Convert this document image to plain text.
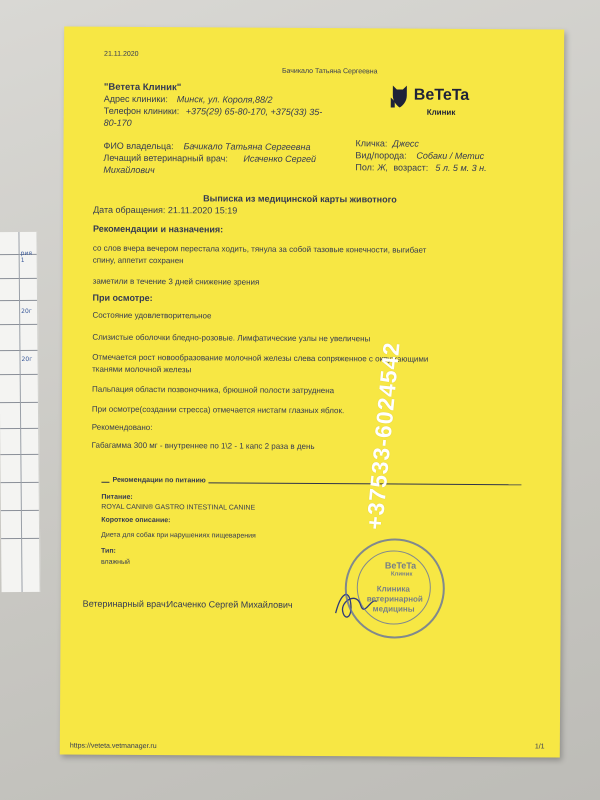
рия 1
20г
20г
21.11.2020
Бачикало Татьяна Сергеевна
"Ветета Клиник"
Адрес клиники: Минск, ул. Короля,88/2
Телефон клиники: +375(29) 65-80-170, +375(33) 35-
80-170
BeTeTa
Клиник
ФИО владельца: Бачикало Татьяна Сергеевна
Лечащий ветеринарный врач: Исаченко Сергей
Михайлович
Кличка: Джесс
Вид/порода: Собаки / Метис
Пол: Ж, возраст: 5 л. 5 м. 3 н.
Выписка из медицинской карты животного
Дата обращения: 21.11.2020 15:19
Рекомендации и назначения:
со слов вчера вечером перестала ходить, тянула за собой тазовые конечности, выгибает
спину, аппетит сохранен
заметили в течение 3 дней снижение зрения
При осмотре:
Состояние удовлетворительное
Слизистые оболочки бледно-розовые. Лимфатические узлы не увеличены
Отмечается рост новообразование молочной железы слева сопряженное с окружающими
тканями молочной железы
Пальпация области позвоночника, брюшной полости затруднена
При осмотре(создании стресса) отмечается нистагм глазных яблок.
Рекомендовано:
Габагамма 300 мг - внутреннее по 1\2 - 1 капс 2 раза в день
Рекомендации по питанию
Питание:
ROYAL CANIN® GASTRO INTESTINAL CANINE
Короткое описание:
Диета для собак при нарушениях пищеварения
Тип:
влажный
Ветеринарный врач:
Исаченко Сергей Михайлович
BeTeTa
Клиник
Клиника
ветеринарной
медицины
+37533-6024542
https://veteta.vetmanager.ru	1/1
